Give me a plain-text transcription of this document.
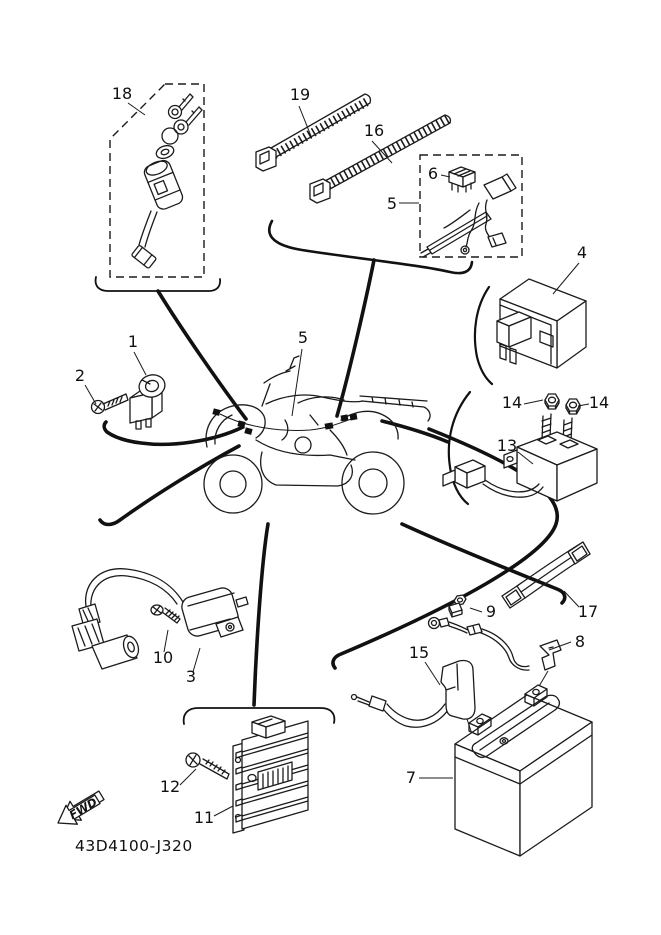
FWD
43D4100-J320
18	19
16
6
5
4
1
2
5
14	14
13
9	17
8
15
10
3
7
12
11
